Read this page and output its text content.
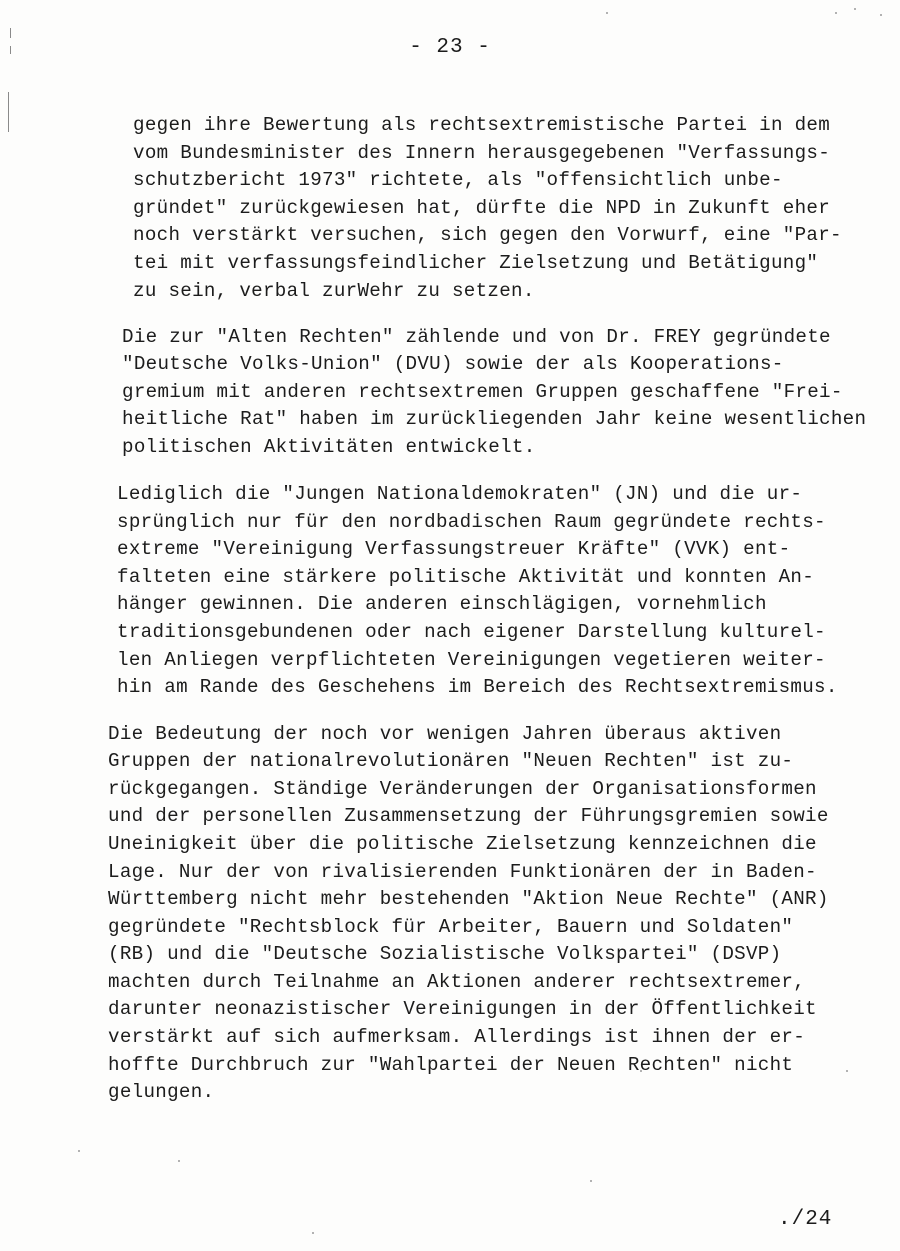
- 23 -
gegen ihre Bewertung als rechtsextremistische Partei in dem
vom Bundesminister des Innern herausgegebenen "Verfassungs-
schutzbericht 1973" richtete, als "offensichtlich unbe-
gründet" zurückgewiesen hat, dürfte die NPD in Zukunft eher
noch verstärkt versuchen, sich gegen den Vorwurf, eine "Par-
tei mit verfassungsfeindlicher Zielsetzung und Betätigung"
zu sein, verbal zurWehr zu setzen.
Die zur "Alten Rechten" zählende und von Dr. FREY gegründete
"Deutsche Volks-Union" (DVU) sowie der als Kooperations-
gremium mit anderen rechtsextremen Gruppen geschaffene "Frei-
heitliche Rat" haben im zurückliegenden Jahr keine wesentlichen
politischen Aktivitäten entwickelt.
Lediglich die "Jungen Nationaldemokraten" (JN) und die ur-
sprünglich nur für den nordbadischen Raum gegründete rechts-
extreme "Vereinigung Verfassungstreuer Kräfte" (VVK) ent-
falteten eine stärkere politische Aktivität und konnten An-
hänger gewinnen. Die anderen einschlägigen, vornehmlich
traditionsgebundenen oder nach eigener Darstellung kulturel-
len Anliegen verpflichteten Vereinigungen vegetieren weiter-
hin am Rande des Geschehens im Bereich des Rechtsextremismus.
Die Bedeutung der noch vor wenigen Jahren überaus aktiven
Gruppen der nationalrevolutionären "Neuen Rechten" ist zu-
rückgegangen. Ständige Veränderungen der Organisationsformen
und der personellen Zusammensetzung der Führungsgremien sowie
Uneinigkeit über die politische Zielsetzung kennzeichnen die
Lage. Nur der von rivalisierenden Funktionären der in Baden-
Württemberg nicht mehr bestehenden "Aktion Neue Rechte" (ANR)
gegründete "Rechtsblock für Arbeiter, Bauern und Soldaten"
(RB) und die "Deutsche Sozialistische Volkspartei" (DSVP)
machten durch Teilnahme an Aktionen anderer rechtsextremer,
darunter neonazistischer Vereinigungen in der Öffentlichkeit
verstärkt auf sich aufmerksam. Allerdings ist ihnen der er-
hoffte Durchbruch zur "Wahlpartei der Neuen Rechten" nicht
gelungen.
./24
